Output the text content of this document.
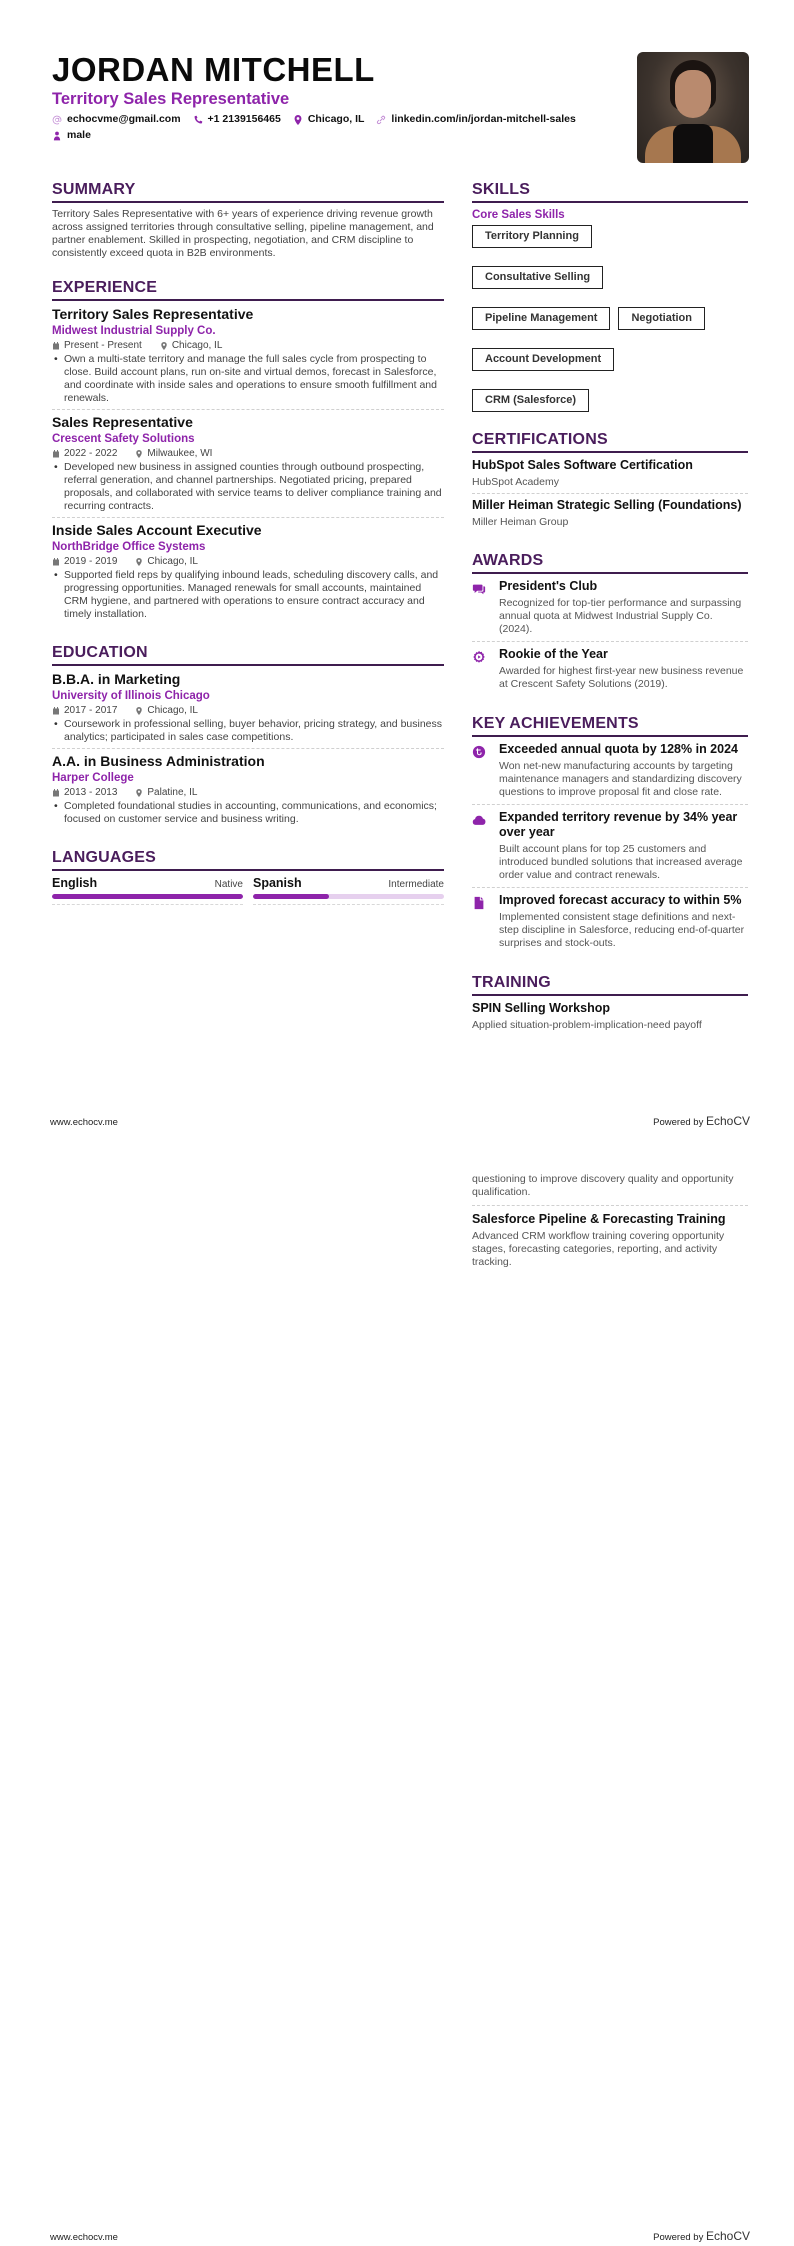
JORDAN MITCHELL
Territory Sales Representative
echocvme@gmail.com	+1 2139156465	Chicago, IL	linkedin.com/in/jordan-mitchell-sales
male
SUMMARY
Territory Sales Representative with 6+ years of experience driving revenue growth across assigned territories through consultative selling, pipeline management, and partner enablement. Skilled in prospecting, negotiation, and CRM discipline to consistently exceed quota in B2B environments.
EXPERIENCE
Territory Sales Representative
Midwest Industrial Supply Co.
Present - Present	Chicago, IL
• Own a multi-state territory and manage the full sales cycle from prospecting to close. Build account plans, run on-site and virtual demos, forecast in Salesforce, and coordinate with inside sales and operations to ensure smooth fulfillment and renewals.
Sales Representative
Crescent Safety Solutions
2022 - 2022	Milwaukee, WI
• Developed new business in assigned counties through outbound prospecting, referral generation, and channel partnerships. Negotiated pricing, prepared proposals, and collaborated with service teams to deliver compliance training and recurring contracts.
Inside Sales Account Executive
NorthBridge Office Systems
2019 - 2019	Chicago, IL
• Supported field reps by qualifying inbound leads, scheduling discovery calls, and progressing opportunities. Managed renewals for small accounts, maintained CRM hygiene, and partnered with operations to ensure contract accuracy and timely installation.
EDUCATION
B.B.A. in Marketing
University of Illinois Chicago
2017 - 2017	Chicago, IL
• Coursework in professional selling, buyer behavior, pricing strategy, and business analytics; participated in sales case competitions.
A.A. in Business Administration
Harper College
2013 - 2013	Palatine, IL
• Completed foundational studies in accounting, communications, and economics; focused on customer service and business writing.
LANGUAGES
English	Native Spanish	Intermediate
SKILLS
Core Sales Skills
Territory Planning
Consultative Selling
Pipeline Management	Negotiation
Account Development
CRM (Salesforce)
CERTIFICATIONS
HubSpot Sales Software Certification
HubSpot Academy
Miller Heiman Strategic Selling (Foundations)
Miller Heiman Group
AWARDS
President's Club
Recognized for top-tier performance and surpassing annual quota at Midwest Industrial Supply Co. (2024).
Rookie of the Year
Awarded for highest first-year new business revenue at Crescent Safety Solutions (2019).
KEY ACHIEVEMENTS
Exceeded annual quota by 128% in 2024
Won net-new manufacturing accounts by targeting maintenance managers and standardizing discovery questions to improve proposal fit and close rate.
Expanded territory revenue by 34% year over year
Built account plans for top 25 customers and introduced bundled solutions that increased average order value and contract renewals.
Improved forecast accuracy to within 5%
Implemented consistent stage definitions and next-step discipline in Salesforce, reducing end-of-quarter surprises and stock-outs.
TRAINING
SPIN Selling Workshop
Applied situation-problem-implication-need payoff
www.echocv.me	Powered by EchoCV
questioning to improve discovery quality and opportunity qualification.
Salesforce Pipeline & Forecasting Training
Advanced CRM workflow training covering opportunity stages, forecasting categories, reporting, and activity tracking.
www.echocv.me	Powered by EchoCV
